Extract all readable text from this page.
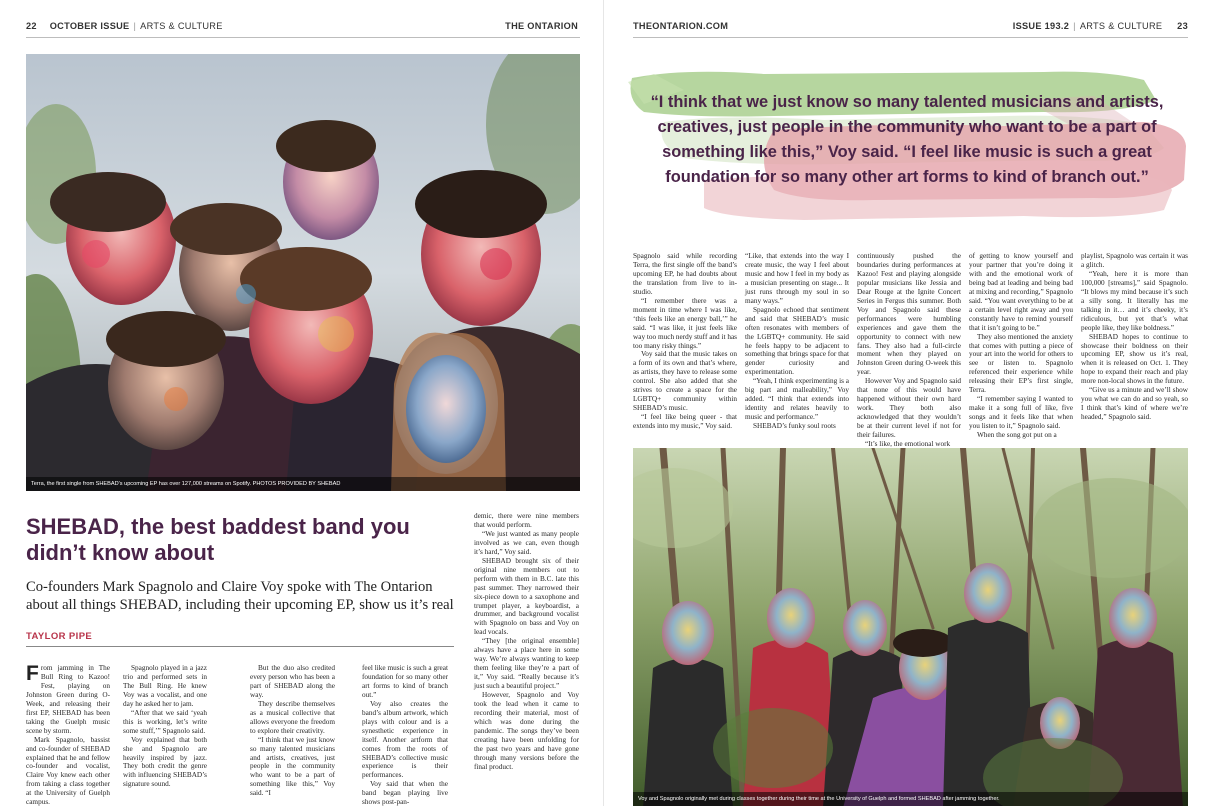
22 OCTOBER ISSUE | ARTS & CULTURE	THE ONTARION
Terra, the first single from SHEBAD's upcoming EP has over 127,000 streams on Spotify. PHOTOS PROVIDED BY SHEBAD
SHEBAD, the best baddest band you didn’t know about
Co-founders Mark Spagnolo and Claire Voy spoke with The Ontarion about all things SHEBAD, including their upcoming EP, show us it’s real
TAYLOR PIPE

From jamming in The Bull Ring to Kazoo! Fest, playing on Johnston Green during O-Week, and releasing their first EP, SHEBAD has been taking the Guelph music scene by storm.

Mark Spagnolo, bassist and co-founder of SHEBAD explained that he and fellow co-founder and vocalist, Claire Voy knew each other from taking a class together at the University of Guelph campus.

Spagnolo played in a jazz trio and performed sets in The Bull Ring. He knew Voy was a vocalist, and one day he asked her to jam.

“After that we said ‘yeah this is working, let’s write some stuff,’” Spagnolo said.

Voy explained that both she and Spagnolo are heavily inspired by jazz. They both credit the genre with influencing SHEBAD’s signature sound.

But the duo also credited every person who has been a part of SHEBAD along the way.

They describe themselves as a musical collective that allows everyone the freedom to explore their creativity.

“I think that we just know so many talented musicians and artists, creatives, just people in the community who want to be a part of something like this,” Voy said. “I

feel like music is such a great foundation for so many other art forms to kind of branch out.”

Voy also creates the band’s album artwork, which plays with colour and is a synesthetic experience in itself. Another artform that comes from the roots of SHEBAD’s collective music experience is their performances.

Voy said that when the band began playing live shows post-pan-

demic, there were nine members that would perform.

“We just wanted as many people involved as we can, even though it’s hard,” Voy said.

SHEBAD brought six of their original nine members out to perform with them in B.C. late this past summer. They narrowed their six-piece down to a saxophone and trumpet player, a keyboardist, a drummer, and background vocalist with Spagnolo on bass and Voy on lead vocals.

“They [the original ensemble] always have a place here in some way. We’re always wanting to keep them feeling like they’re a part of it,” Voy said. “Really because it’s just such a beautiful project.”

However, Spagnolo and Voy took the lead when it came to recording their material, most of which was done during the pandemic. The songs they’ve been creating have been unfolding for the past two years and have gone through many versions before the final product.

THEONTARION.COM	ISSUE 193.2 | ARTS & CULTURE 23
“I think that we just know so many talented musicians and artists, creatives, just people in the community who want to be a part of something like this,” Voy said. “I feel like music is such a great foundation for so many other art forms to kind of branch out.”

Spagnolo said while recording Terra, the first single off the band’s upcoming EP, he had doubts about the translation from live to in-studio.

“I remember there was a moment in time where I was like, ‘this feels like an energy ball,’” he said. “I was like, it just feels like way too much nerdy stuff and it has too many risky things.”

Voy said that the music takes on a form of its own and that’s where, as artists, they have to release some control. She also added that she strives to create a space for the LGBTQ+ community within SHEBAD’s music.

“I feel like being queer - that extends into my music,” Voy said.

“Like, that extends into the way I create music, the way I feel about music and how I feel in my body as a musician presenting on stage... It just runs through my soul in so many ways.”

Spagnolo echoed that sentiment and said that SHEBAD’s music often resonates with members of the LGBTQ+ community. He said he feels happy to be adjacent to something that brings space for that gender curiosity and experimentation.

“Yeah, I think experimenting is a big part and malleability,” Voy added. “I think that extends into identity and relates heavily to music and performance.”

SHEBAD’s funky soul roots

continuously pushed the boundaries during performances at Kazoo! Fest and playing alongside popular musicians like Jessia and Dear Rouge at the Ignite Concert Series in Fergus this summer. Both Voy and Spagnolo said these performances were humbling experiences and gave them the opportunity to connect with new fans. They also had a full-circle moment when they played on Johnston Green during O-week this year.

However Voy and Spagnolo said that none of this would have happened without their own hard work. They both also acknowledged that they wouldn’t be at their current level if not for their failures.

“It’s like, the emotional work

of getting to know yourself and your partner that you’re doing it with and the emotional work of being bad at leading and being bad at mixing and recording,” Spagnolo said. “You want everything to be at a certain level right away and you constantly have to remind yourself that it isn’t going to be.”

They also mentioned the anxiety that comes with putting a piece of your art into the world for others to see or listen to. Spagnolo referenced their experience while releasing their EP’s first single, Terra.

“I remember saying I wanted to make it a song full of like, five songs and it feels like that when you listen to it,” Spagnolo said.

When the song got put on a

playlist, Spagnolo was certain it was a glitch.

“Yeah, here it is more than 100,000 [streams],” said Spagnolo. “It blows my mind because it’s such a silly song. It literally has me talking in it… and it’s cheeky, it’s ridiculous, but yet that’s what people like, they like boldness.”

SHEBAD hopes to continue to showcase their boldness on their upcoming EP, show us it’s real, when it is released on Oct. 1. They hope to expand their reach and play more non-local shows in the future.

“Give us a minute and we’ll show you what we can do and so yeah, so I think that’s kind of where we’re headed,” Spagnolo said.

Voy and Spagnolo originally met during classes together during their time at the University of Guelph and formed SHEBAD after jamming together.
